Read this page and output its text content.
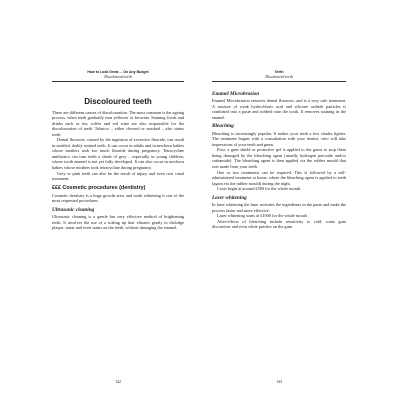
How to Look Great ... On Any Budget
Discoloured teeth
Discoloured teeth

There are different causes of discolouration. The most common is the ageing process, when teeth gradually turn yellower or browner. Staining foods and drinks such as tea, coffee and red wine are also responsible for the discolouration of teeth. Tobacco – either chewed or smoked – also stains teeth.

Dental fluorosis, caused by the ingestion of excessive fluoride, can result in mottled, darkly stained teeth. It can occur in adults and in newborn babies whose mothers took too much fluoride during pregnancy. Tetracycline antibiotics can turn teeth a shade of grey – especially in young children, whose tooth enamel is not yet fully developed. It can also occur in newborn babies whose mothers took tetracycline during pregnancy.

Grey or pink teeth can also be the result of injury and even root canal treatment.

£££ Cosmetic procedures (dentistry)

Cosmetic dentistry is a huge growth area, and tooth whitening is one of the most requested procedures.

Ultrasonic cleaning

Ultrasonic cleaning is a gentle but very effective method of brightening teeth. It involves the use of a scaling tip that vibrates gently to dislodge plaque, tartar and even stains on the teeth, without damaging the enamel.

142
Teeth
Discoloured teeth
Enamel Microbrasion

Enamel Microbrasion removes dental fluorosis, and is a very safe treatment. A mixture of weak hydrochloric acid and silicone carbide particles is combined into a paste and rubbed onto the tooth. It removes staining in the enamel.

Bleaching

Bleaching is increasingly popular. It makes your teeth a few shades lighter. The treatment begins with a consultation with your dentist, who will take impressions of your teeth and gums.

First, a gum shield or protective gel is applied to the gums to stop them being damaged by the bleaching agent (usually hydrogen peroxide and/or carbamide). The bleaching agent is then applied via the rubber mould that was made from your teeth.

One or two treatments can be required. This is followed by a self-administered treatment at home, where the bleaching agent is applied to teeth (again via the rubber mould) during the night.

Costs begin at around £500 for the whole month.

Laser whitening

In laser whitening the laser activates the ingredients in the paste and make the process faster and more effective.

Laser whitening starts at £1000 for the whole mouth

After-effects of bleaching include sensitivity to cold, some gum discomfort and even white patches on the gum

143
